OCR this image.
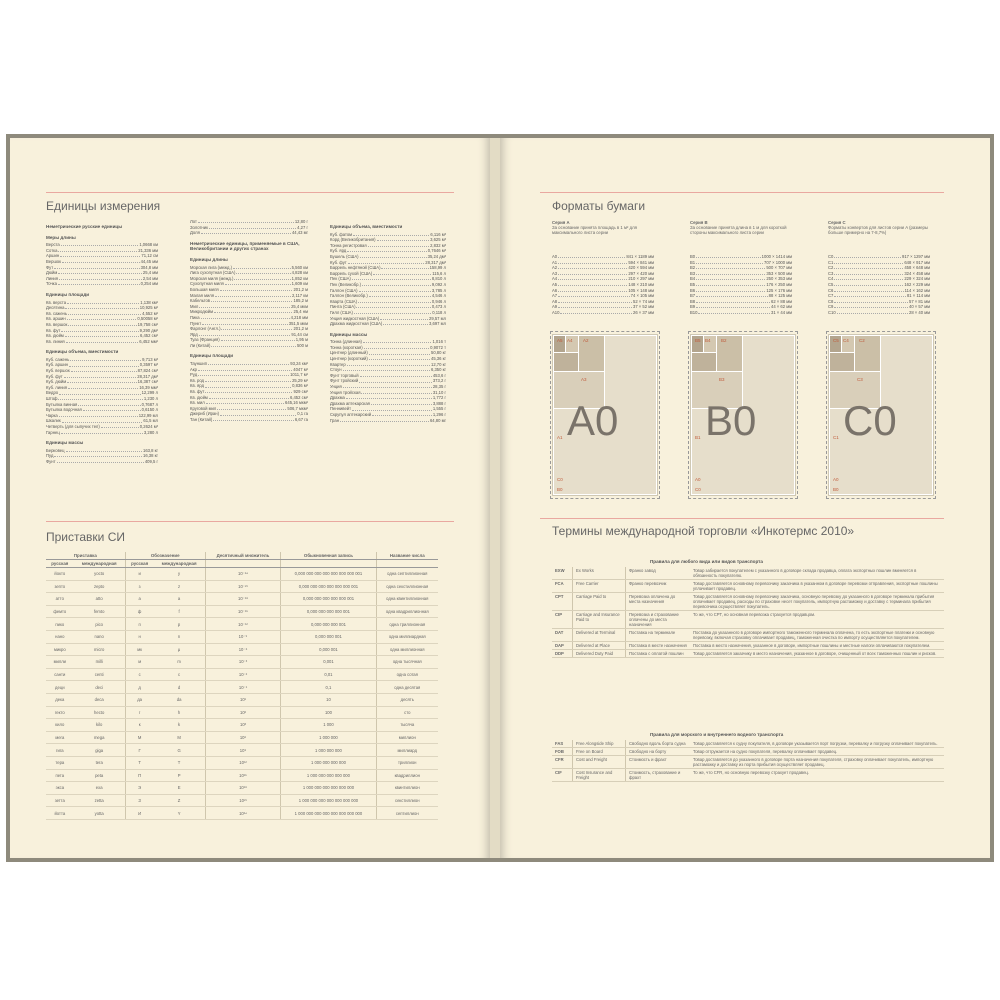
Единицы измерения
Неметрические русские единицы
Меры длины
Верста	1,0668 км
Сотка	21,336 мм
Аршин	71,12 см
Вершок	44,45 мм
Фут	304,8 мм
Дюйм	25,4 мм
Линия	2,54 мм
Точка	0,254 мм
Единицы площади
Кв. верста	1,138 км²
Десятина	10,925 м²
Кв. сажень	4,552 м²
Кв. аршин	0,50058 м²
Кв. вершок	19,758 см²
Кв. фут	9,290 дм²
Кв. дюйм	6,452 см²
Кв. линия	6,452 мм²
Единицы объема, вместимости
Куб. сажень	9,713 м³
Куб. аршин	0,3597 м³
Куб. вершок	87,824 см³
Куб. фут	28,317 дм³
Куб. дюйм	16,387 см³
Куб. линия	16,39 мм³
Ведро	12,299 л
Штоф	1,230 л
Бутылка винная	0,7687 л
Бутылка водочная	0,6150 л
Чарка	122,99 мл
Шкалик	61,5 мл
Четверть (для сыпучих тел)	0,2624 м³
Гарнец	3,280 л
Единицы массы
Берковец	163,8 кг
Пуд	16,38 кг
Фунт	409,5 г
Лот	12,80 г
Золотник	4,27 г
Доля	44,43 мг
Неметрические единицы, применяемые в США, Великобритании и других странах
Единицы длины
Морская лига (межд.)	5,560 км
Лига сухопутная (США)	4,828 км
Морская миля (межд.)	1,852 км
Сухопутная миля	1,609 км
Большая миля	201,2 м
Малая миля	2,117 км
Кабельтов	185,2 м
Мил	25,4 мкм
Микродюйм	25,4 нм
Пика	4,218 мм
Пункт	351,5 мкм
Фарлонг (Англ.)	201,2 м
Ярд	91,44 см
Туаз (Франция)	1,95 м
Ли (Китай)	500 м
Единицы площади
Тауншип	93,24 км²
Акр	4047 м²
Руд	1011,7 м²
Кв. род	25,29 м²
Кв. ярд	0,836 м²
Кв. фут	929 см²
Кв. дюйм	6,452 см²
Кв. мил	645,16 мкм²
Круговой мил	506,7 мкм²
Джериб (Иран)	0,1 га
Тан (Китай)	6,67 га
Единицы объема, вместимости
Куб. фатом	6,116 м³
Корд (Великобритания)	3,625 м³
Тонна регистровая	2,832 м³
Куб. ярд	0,7646 м³
Бушель (США)	35,24 дм³
Куб. фут	28,317 дм³
Баррель нефтяной (США)	158,99 л
Баррель сухой (США)	115,6 л
Пек (США)	8,810 л
Пек (Великобр.)	9,092 л
Галлон (США)	3,785 л
Галлон (Великобр.)	4,546 л
Кварта (США)	0,946 л
Пинта (США)	0,473 л
Гилл (США)	0,118 л
Унция жидкостная (США)	29,57 мл
Драхма жидкостная (США)	3,697 мл
Единицы массы
Тонна (длинная)	1,016 т
Тонна (короткая)	0,9072 т
Центнер (длинный)	50,80 кг
Центнер (короткий)	45,36 кг
Квартер	12,70 кг
Стоун	6,350 кг
Фунт торговый	453,6 г
Фунт тройский	373,2 г
Унция	28,35 г
Унция тройская	31,10 г
Драхма	1,772 г
Драхма аптекарская	3,888 г
Пеннивейт	1,555 г
Скрупул аптекарский	1,296 г
Гран	64,80 мг
Приставки СИ
Приставка		Обозначение		Десятичный множитель	Обыкновенная запись	Название числа
русская	международная	русская	международная			
йокто	yocto	и	y	10⁻²⁴	0,000 000 000 000 000 000 000 001	одна септиллионная
зепто	zepto	з	z	10⁻²¹	0,000 000 000 000 000 000 001	одна секстиллионная
атто	atto	а	a	10⁻¹⁸	0,000 000 000 000 000 001	одна квинтиллионная
фемто	femto	ф	f	10⁻¹⁵	0,000 000 000 000 001	одна квадриллионная
пико	pico	п	p	10⁻¹²	0,000 000 000 001	одна триллионная
нано	nano	н	n	10⁻⁹	0,000 000 001	одна миллиардная
микро	micro	мк	μ	10⁻⁶	0,000 001	одна миллионная
милли	milli	м	m	10⁻³	0,001	одна тысячная
санти	centi	с	c	10⁻²	0,01	одна сотая
деци	deci	д	d	10⁻¹	0,1	одна десятая
дека	deca	да	da	10¹	10	десять
гекто	hecto	г	h	10²	100	сто
кило	kilo	к	k	10³	1 000	тысяча
мега	mega	М	M	10⁶	1 000 000	миллион
гига	giga	Г	G	10⁹	1 000 000 000	миллиард
тера	tera	Т	T	10¹²	1 000 000 000 000	триллион
пета	peta	П	P	10¹⁵	1 000 000 000 000 000	квадриллион
экса	exa	Э	E	10¹⁸	1 000 000 000 000 000 000	квинтиллион
зетта	zetta	З	Z	10²¹	1 000 000 000 000 000 000 000	секстиллион
йотта	yotta	И	Y	10²⁴	1 000 000 000 000 000 000 000 000	септиллион
Форматы бумаги
Серия A
За основание принята площадь в 1 м² для максимального листа серии
A0	841 × 1189 мм
A1	594 × 841 мм
A2	420 × 594 мм
A3	297 × 420 мм
A4	210 × 297 мм
A5	148 × 210 мм
A6	105 × 148 мм
A7	74 × 105 мм
A8	52 × 74 мм
A9	37 × 52 мм
A10	26 × 37 мм
A5 A4 A2
A3
A1
C0
B0
A0
Серия B
За основание принята длина в 1 м для короткой стороны максимального листа серии
B0	1000 × 1414 мм
B1	707 × 1000 мм
B2	500 × 707 мм
B3	353 × 500 мм
B4	250 × 353 мм
B5	176 × 250 мм
B6	125 × 176 мм
B7	88 × 125 мм
B8	62 × 88 мм
B9	44 × 62 мм
B10	31 × 44 мм
B5 B4 B2
B3
B1
A0
C0
B0
Серия C
Форматы конвертов для листов серии A (размеры больше примерно на 7-8,7%)
C0	917 × 1297 мм
C1	648 × 917 мм
C2	458 × 648 мм
C3	324 × 458 мм
C4	229 × 324 мм
C5	162 × 229 мм
C6	114 × 162 мм
C7	81 × 114 мм
C8	57 × 81 мм
C9	40 × 57 мм
C10	28 × 40 мм
C5 C4 C2
C3
C1
A0
B0
C0
Термины международной торговли «Инкотермс 2010»
Правила для любого вида или видов транспорта
EXW	Ex Works	Франко завод	Товар забирается покупателем с указанного в договоре склада продавца, оплата экспортных пошлин вменяется в обязанность покупателю.
FCA	Free Carrier	Франко перевозчик	Товар доставляется основному перевозчику заказчика в указанном в договоре перевозки отправления, экспортные пошлины уплачивает продавец.
CPT	Carriage Paid to	Перевозка оплачена до места назначения	Товар доставляется основному перевозчику заказчика, основную перевозку до указанного в договоре терминала прибытия оплачивает продавец, расходы по страховке несет покупатель, импортную растаможку и доставку с терминала прибытия перевозчика осуществляет покупатель.
CIP	Carriage and Insurance Paid to	Перевозка и страхование оплачены до места назначения	То же, что CPT, но основная перевозка страхуется продавцом.
DAT	Delivered at Terminal	Поставка на терминале	Поставка до указанного в договоре импортного таможенного терминала оплачена, то есть экспортные платежи и основную перевозку, включая страховку оплачивает продавец, таможенная очистка по импорту осуществляется покупателем.
DAP	Delivered at Place	Поставка в месте назначения	Поставка в место назначения, указанное в договоре, импортные пошлины и местные налоги оплачиваются покупателем.
DDP	Delivered Duty Paid	Поставка с оплатой пошлин	Товар доставляется заказчику в место назначения, указанное в договоре, очищенный от всех таможенных пошлин и рисков.
Правила для морского и внутреннего водного транспорта
FAS	Free Alongside Ship	Свободно вдоль борта судна	Товар доставляется к судну покупателя, в договоре указывается порт погрузки, перевалку и погрузку оплачивает покупатель.
FOB	Free on Board	Свободно на борту	Товар отгружается на судно покупателя, перевалку оплачивает продавец.
CFR	Cost and Freight	Стоимость и фрахт	Товар доставляется до указанного в договоре порта назначения покупателя, страховку оплачивает покупатель, импортную растаможку и доставку из порта прибытия осуществляет продавец.
CIF	Cost Insurance and Freight	Стоимость, страхование и фрахт	То же, что CFR, но основную перевозку страхует продавец.
